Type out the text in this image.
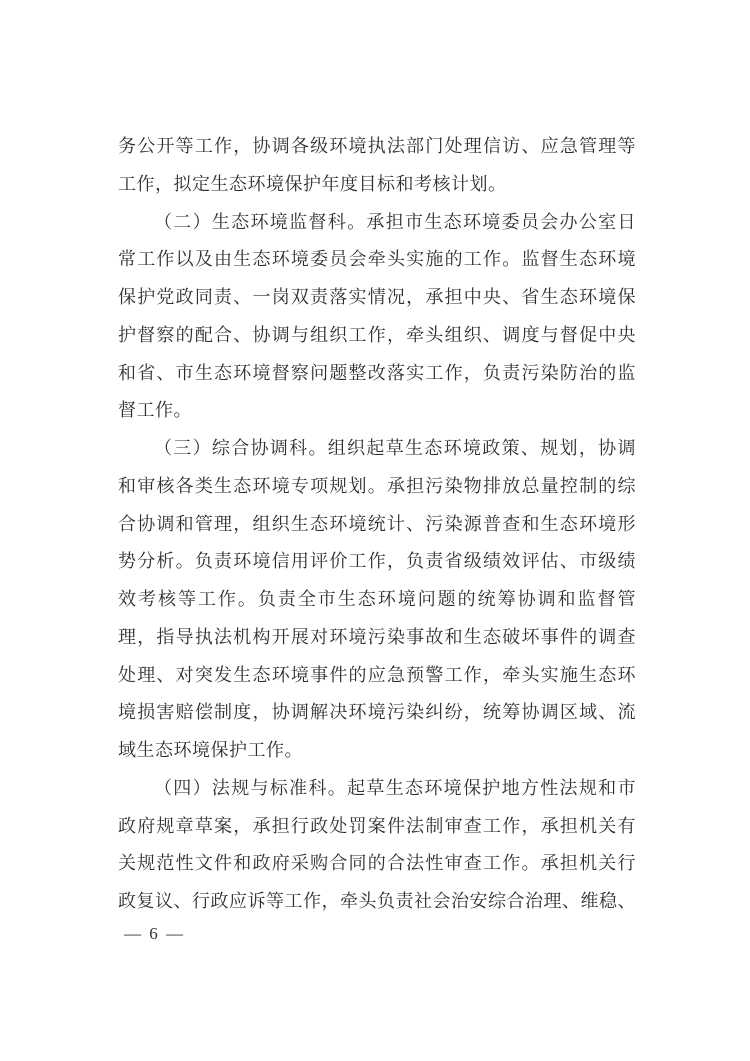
务公开等工作，协调各级环境执法部门处理信访、应急管理等
工作，拟定生态环境保护年度目标和考核计划。
（二）生态环境监督科。承担市生态环境委员会办公室日
常工作以及由生态环境委员会牵头实施的工作。监督生态环境
保护党政同责、一岗双责落实情况，承担中央、省生态环境保
护督察的配合、协调与组织工作，牵头组织、调度与督促中央
和省、市生态环境督察问题整改落实工作，负责污染防治的监
督工作。
（三）综合协调科。组织起草生态环境政策、规划，协调
和审核各类生态环境专项规划。承担污染物排放总量控制的综
合协调和管理，组织生态环境统计、污染源普查和生态环境形
势分析。负责环境信用评价工作，负责省级绩效评估、市级绩
效考核等工作。负责全市生态环境问题的统筹协调和监督管
理，指导执法机构开展对环境污染事故和生态破坏事件的调查
处理、对突发生态环境事件的应急预警工作，牵头实施生态环
境损害赔偿制度，协调解决环境污染纠纷，统筹协调区域、流
域生态环境保护工作。
（四）法规与标准科。起草生态环境保护地方性法规和市
政府规章草案，承担行政处罚案件法制审查工作，承担机关有
关规范性文件和政府采购合同的合法性审查工作。承担机关行
政复议、行政应诉等工作，牵头负责社会治安综合治理、维稳、
— 6 —
